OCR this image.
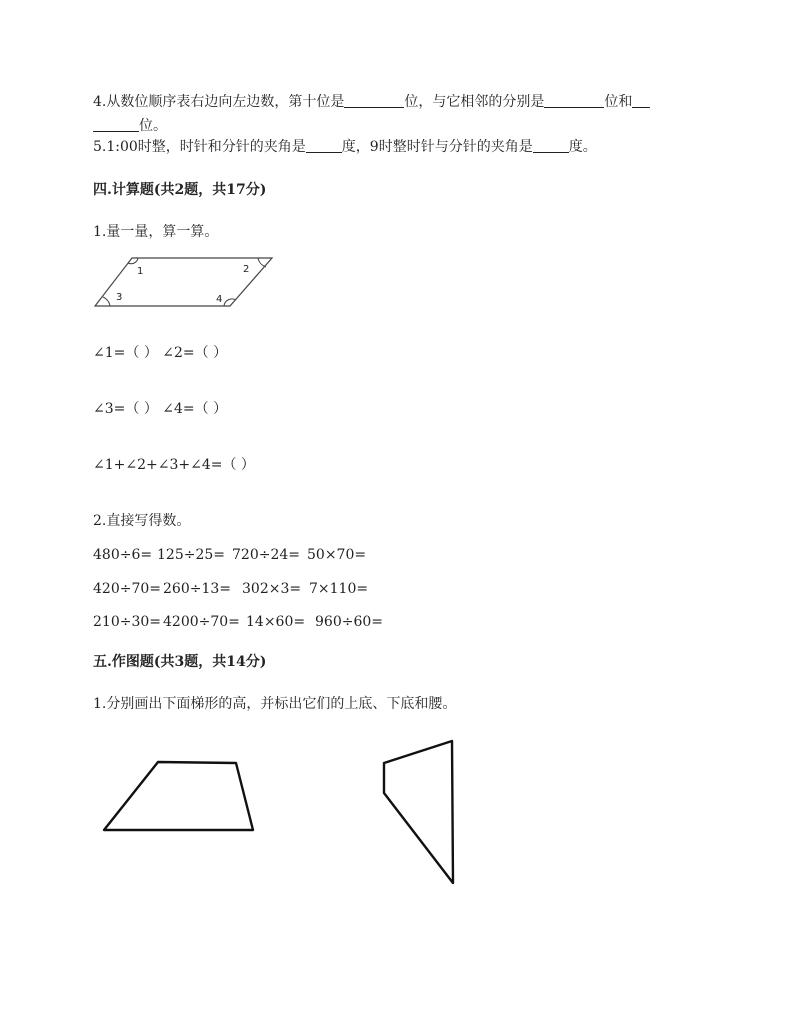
4.从数位顺序表右边向左边数，第十位是	位，与它相邻的分别是	位和
位。
5.1:00时整，时针和分针的夹角是	度，9时整时针与分针的夹角是	度。
四.计算题(共2题，共17分)
1.量一量，算一算。
1	2
3	4
∠1=（ ） ∠2=（ ）
∠3=（ ） ∠4=（ ）
∠1+∠2+∠3+∠4=（ ）
2.直接写得数。
480÷6= 125÷25= 720÷24= 50×70=
420÷70= 260÷13= 302×3= 7×110=
210÷30= 4200÷70= 14×60= 960÷60=
五.作图题(共3题，共14分)
1.分别画出下面梯形的高，并标出它们的上底、下底和腰。
